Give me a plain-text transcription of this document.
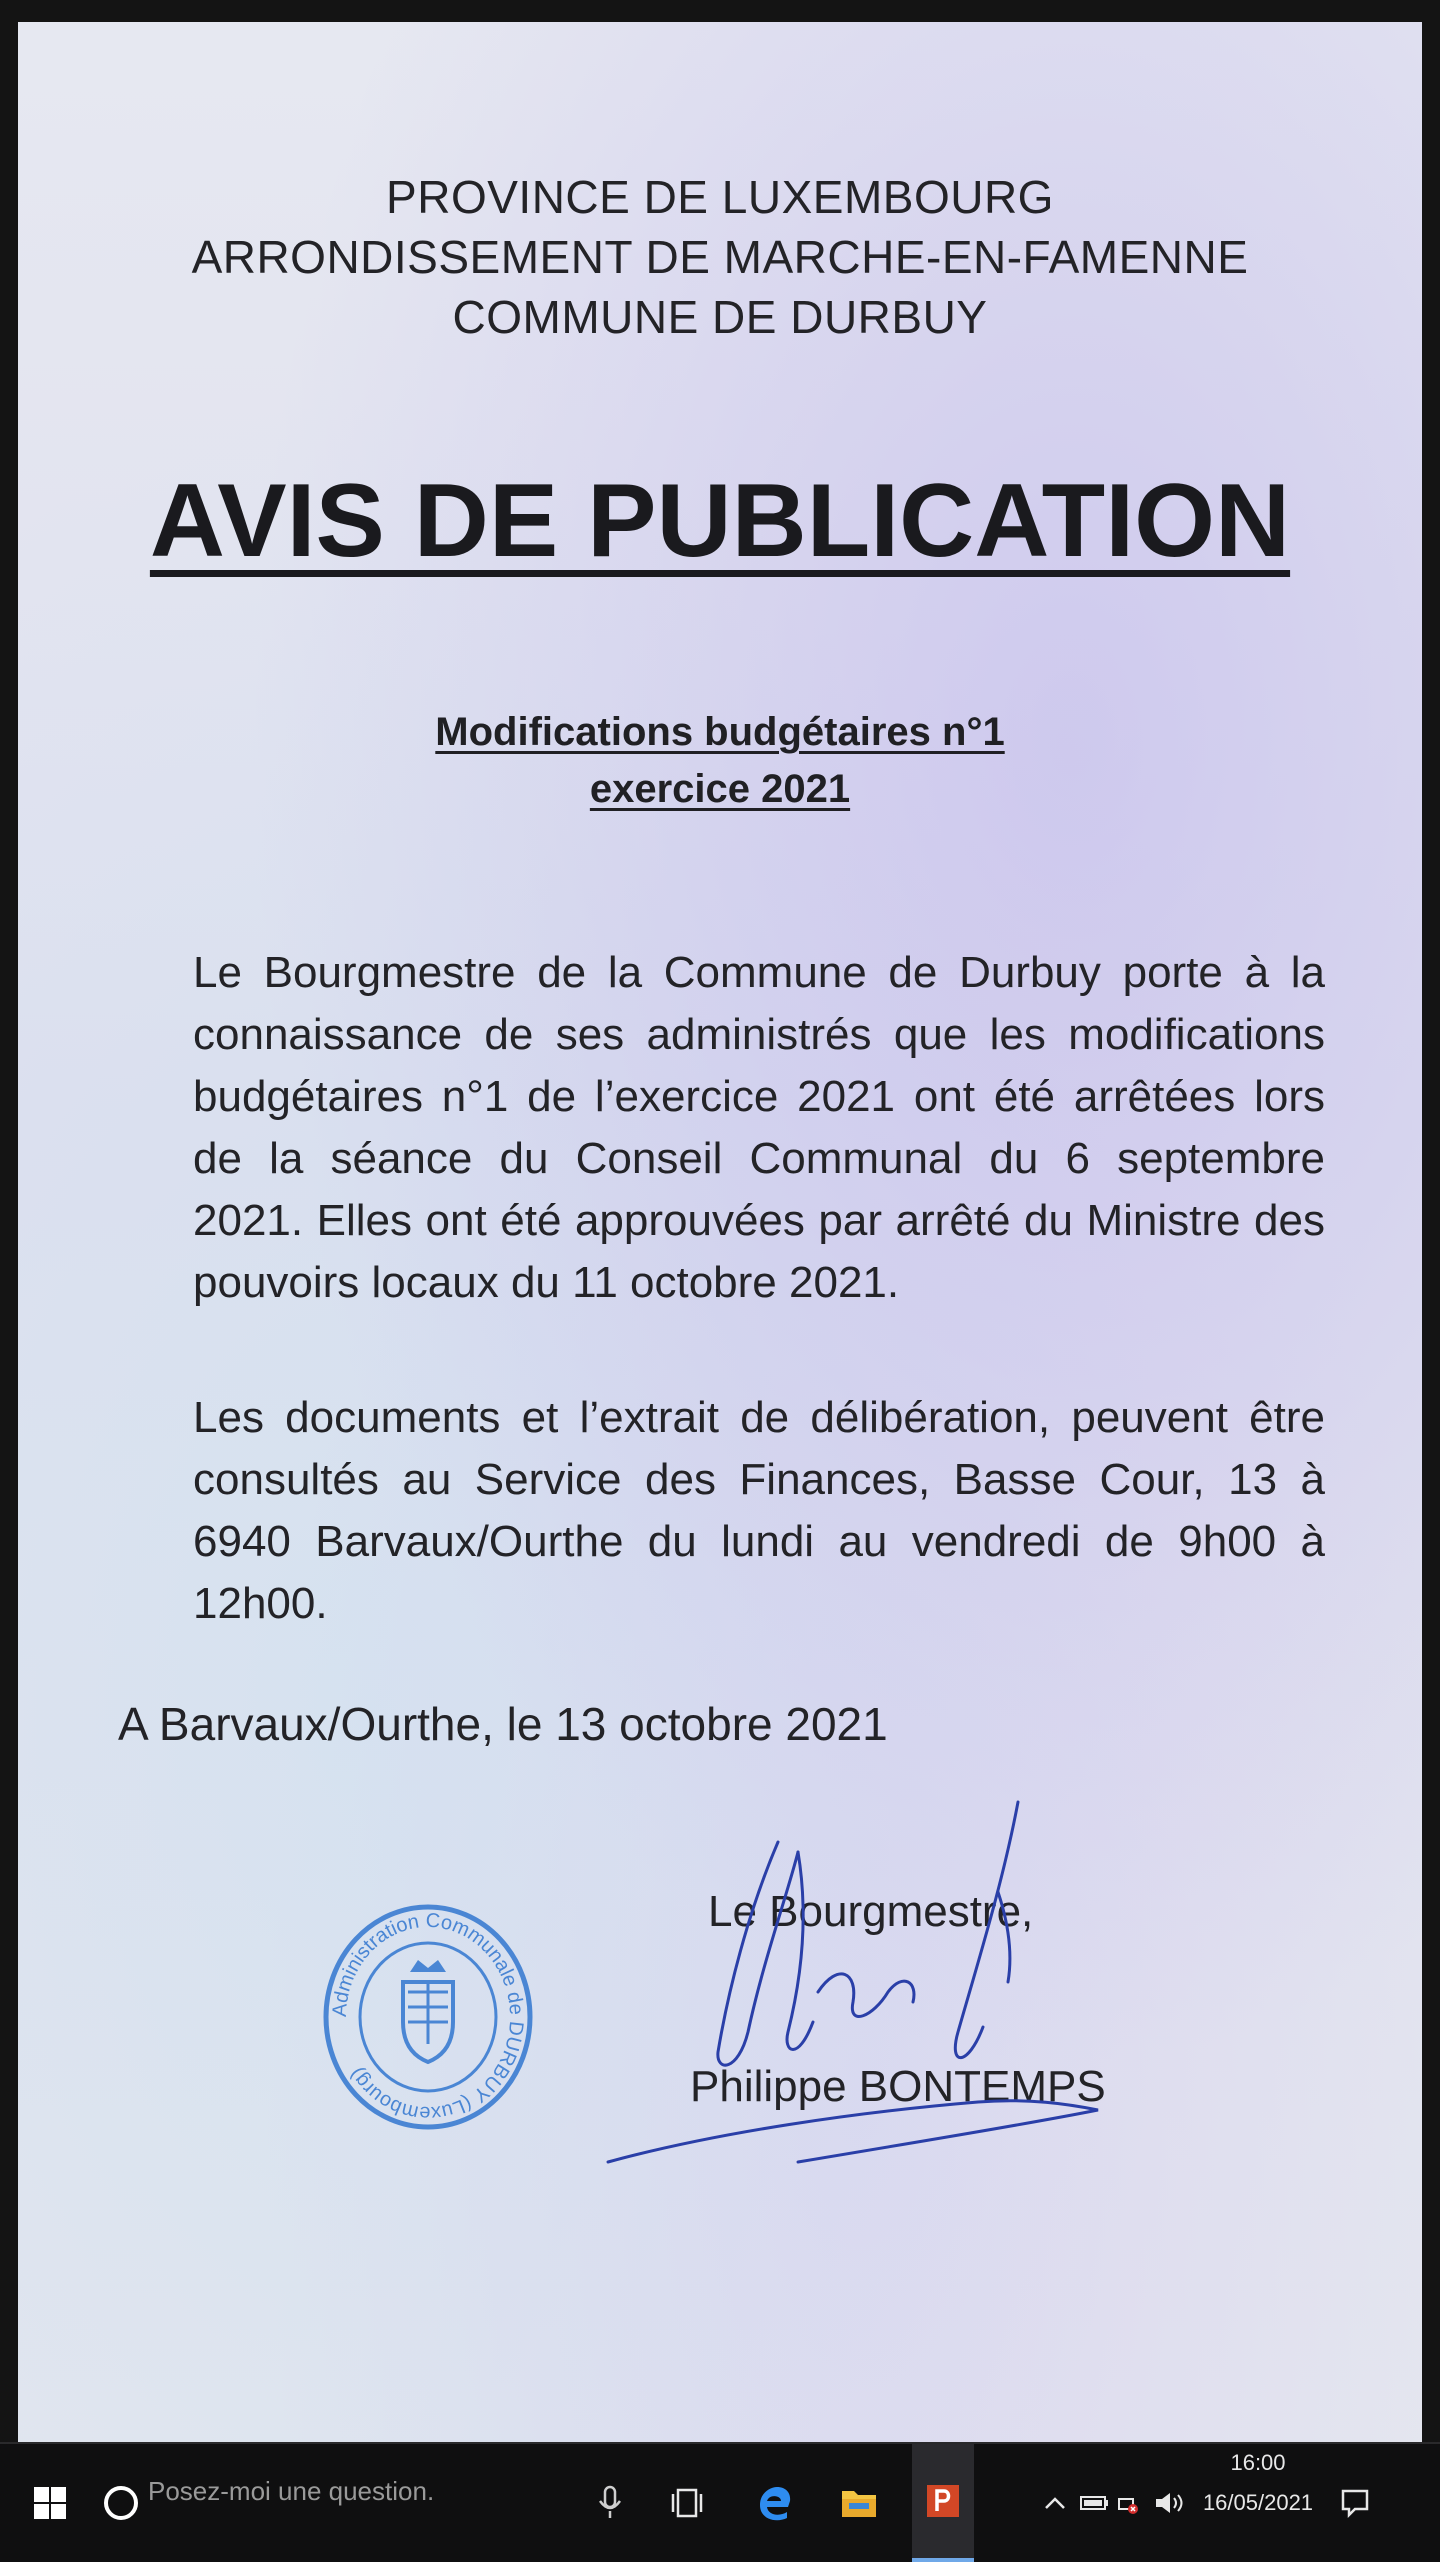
PROVINCE DE LUXEMBOURG
ARRONDISSEMENT DE MARCHE-EN-FAMENNE
COMMUNE DE DURBUY
AVIS DE PUBLICATION
Modifications budgétaires n°1
exercice 2021
Le Bourgmestre de la Commune de Durbuy porte à la connaissance de ses administrés que les modifications budgétaires n°1 de l’exercice 2021 ont été arrêtées lors de la séance du Conseil Communal du 6 septembre 2021. Elles ont été approuvées par arrêté du Ministre des pouvoirs locaux du 11 octobre 2021.
Les documents et l’extrait de délibération, peuvent être consultés au Service des Finances, Basse Cour, 13 à 6940 Barvaux/Ourthe du lundi au vendredi de 9h00 à 12h00.
A Barvaux/Ourthe, le 13 octobre 2021
Administration Communale de DURBUY (Luxembourg)
Le Bourgmestre,
Philippe BONTEMPS
Posez-moi une question.
16:00
16/05/2021
